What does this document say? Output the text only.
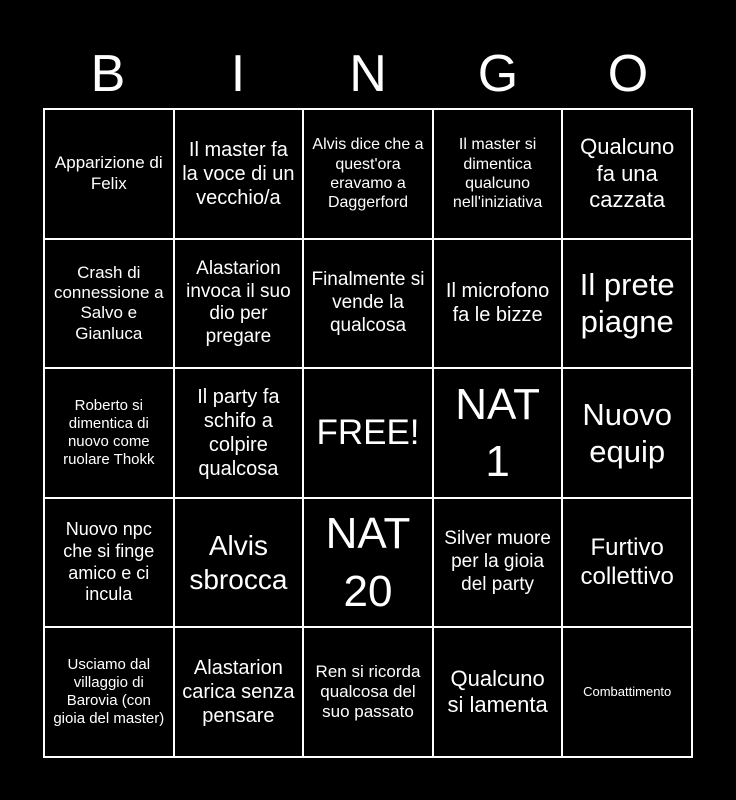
B	I	N	G	O
Apparizione di Felix
Il master fa la voce di un vecchio/a
Alvis dice che a quest'ora eravamo a Daggerford
Il master si dimentica qualcuno nell'iniziativa
Qualcuno fa una cazzata
Crash di connessione a Salvo e Gianluca
Alastarion invoca il suo dio per pregare
Finalmente si vende la qualcosa
Il microfono fa le bizze
Il prete piagne
Roberto si dimentica di nuovo come ruolare Thokk
Il party fa schifo a colpire qualcosa
FREE!
NAT 1
Nuovo equip
Nuovo npc che si finge amico e ci incula
Alvis sbrocca
NAT 20
Silver muore per la gioia del party
Furtivo collettivo
Usciamo dal villaggio di Barovia (con gioia del master)
Alastarion carica senza pensare
Ren si ricorda qualcosa del suo passato
Qualcuno si lamenta
Combattimento
